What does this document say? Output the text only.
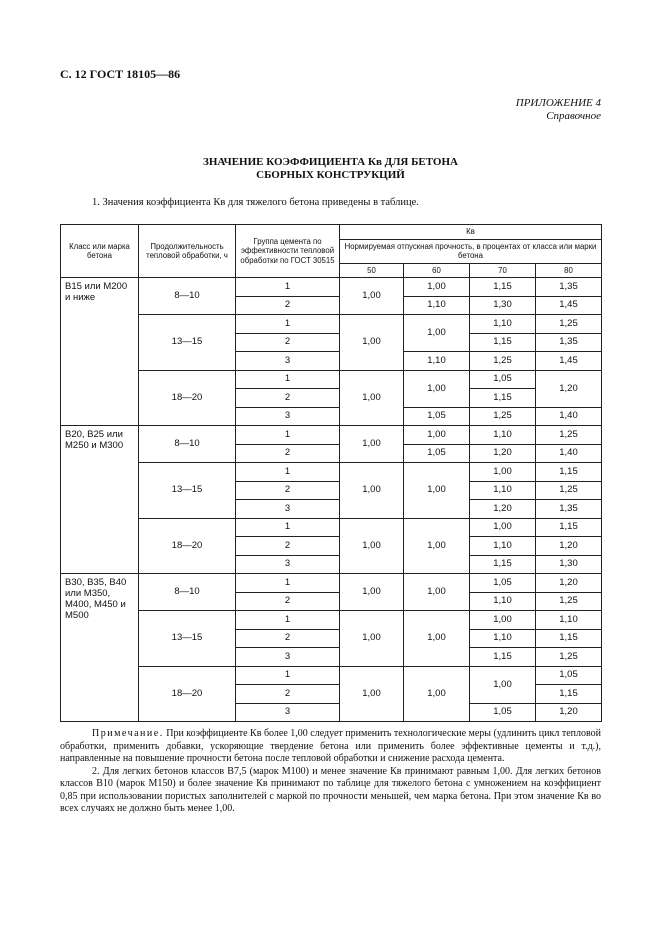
С. 12 ГОСТ 18105—86
ПРИЛОЖЕНИЕ 4
Справочное
ЗНАЧЕНИЕ КОЭФФИЦИЕНТА Кв ДЛЯ БЕТОНА
СБОРНЫХ КОНСТРУКЦИЙ
1. Значения коэффициента Кв для тяжелого бетона приведены в таблице.
Класс или марка бетона	Продолжительность тепловой обработки, ч	Группа цемента по эффективности тепловой обработки по ГОСТ 30515	Кв			
			Нормируемая отпускная прочность, в процентах от класса или марки бетона			
			50	60	70	80
В15 или М200 и ниже	8—10	1	1,00	1,00	1,15	1,35
		2		1,10	1,30	1,45
	13—15	1	1,00	1,00	1,10	1,25
		2			1,15	1,35
		3		1,10	1,25	1,45
	18—20	1	1,00	1,00	1,05	1,20
		2			1,15	
		3		1,05	1,25	1,40
В20, В25 или М250 и М300	8—10	1	1,00	1,00	1,10	1,25
		2		1,05	1,20	1,40
	13—15	1	1,00	1,00	1,00	1,15
		2			1,10	1,25
		3			1,20	1,35
	18—20	1	1,00	1,00	1,00	1,15
		2			1,10	1,20
		3			1,15	1,30
В30, В35, В40 или М350, М400, М450 и М500	8—10	1	1,00	1,00	1,05	1,20
		2			1,10	1,25
	13—15	1	1,00	1,00	1,00	1,10
		2			1,10	1,15
		3			1,15	1,25
	18—20	1	1,00	1,00	1,00	1,05
		2				1,15
		3			1,05	1,20

Примечание. При коэффициенте Кв более 1,00 следует применить технологические меры (удлинить цикл тепловой обработки, применить добавки, ускоряющие твердение бетона или применить более эффективные цементы и т.д.), направленные на повышение прочности бетона после тепловой обработки и снижение расхода цемента.

2. Для легких бетонов классов В7,5 (марок М100) и менее значение Кв принимают равным 1,00. Для легких бетонов классов В10 (марок М150) и более значение Кв принимают по таблице для тяжелого бетона с умножением на коэффициент 0,85 при использовании пористых заполнителей с маркой по прочности меньшей, чем марка бетона. При этом значение Кв во всех случаях не должно быть менее 1,00.
